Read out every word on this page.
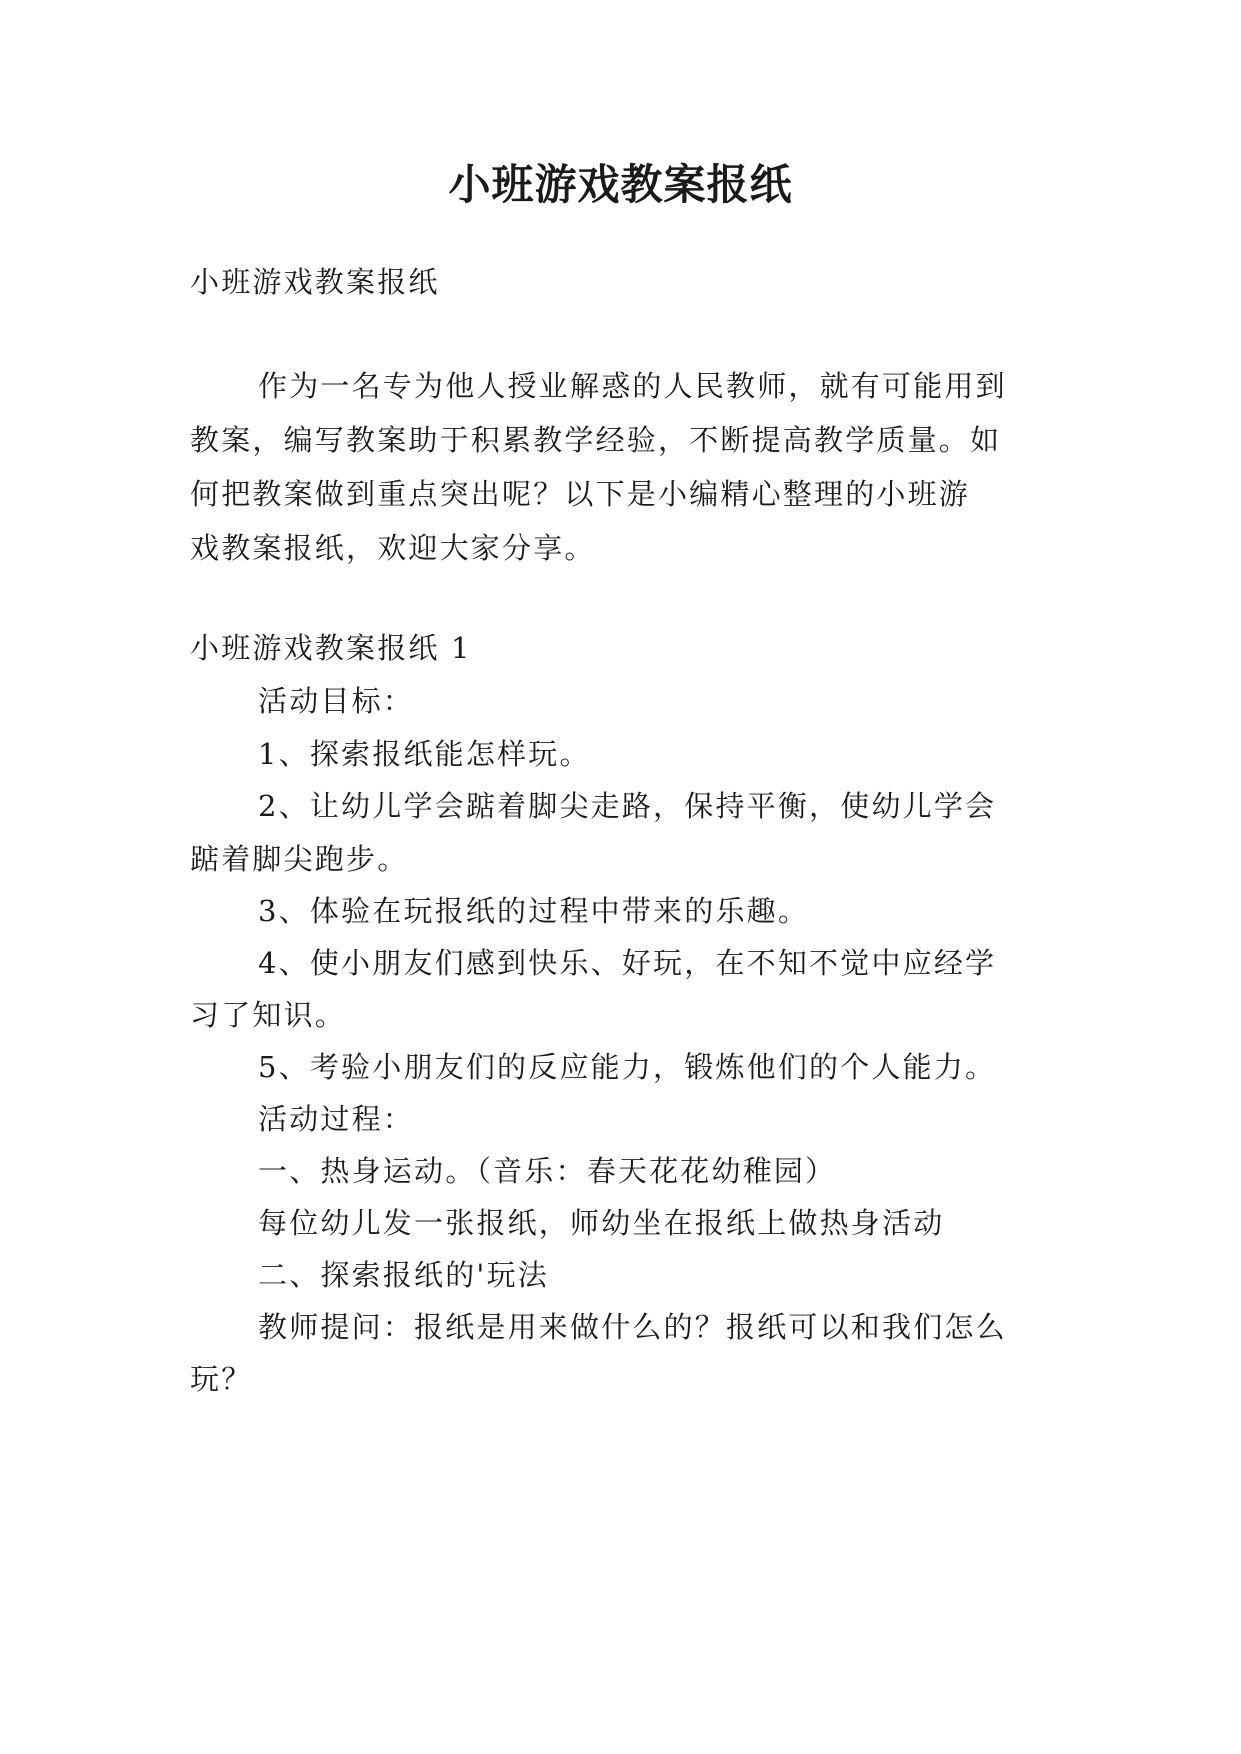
小班游戏教案报纸
小班游戏教案报纸
作为一名专为他人授业解惑的人民教师，就有可能用到
教案，编写教案助于积累教学经验，不断提高教学质量。如
何把教案做到重点突出呢？以下是小编精心整理的小班游
戏教案报纸，欢迎大家分享。
小班游戏教案报纸 1
活动目标：
1、探索报纸能怎样玩。
2、让幼儿学会踮着脚尖走路，保持平衡，使幼儿学会
踮着脚尖跑步。
3、体验在玩报纸的过程中带来的乐趣。
4、使小朋友们感到快乐、好玩，在不知不觉中应经学
习了知识。
5、考验小朋友们的反应能力，锻炼他们的个人能力。
活动过程：
一、热身运动。（音乐：春天花花幼稚园）
每位幼儿发一张报纸，师幼坐在报纸上做热身活动
二、探索报纸的'玩法
教师提问：报纸是用来做什么的？报纸可以和我们怎么
玩？
